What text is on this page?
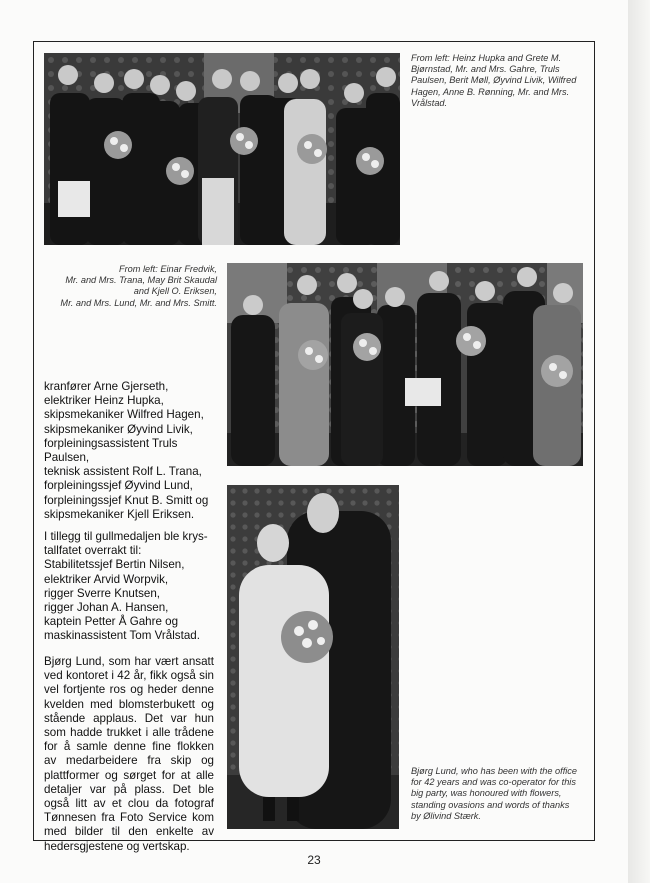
From left: Heinz Hupka and Grete M. Bjørnstad, Mr. and Mrs. Gahre, Truls Paulsen, Berit Møll, Øyvind Livik, Wilfred Hagen, Anne B. Rønning, Mr. and Mrs. Vrålstad.
From left: Einar Fredvik,
Mr. and Mrs. Trana, May Brit Skaudal
and Kjell O. Eriksen,
Mr. and Mrs. Lund, Mr. and Mrs. Smitt.
kranfører Arne Gjerseth,
elektriker Heinz Hupka,
skipsmekaniker Wilfred Hagen,
skipsmekaniker Øyvind Livik,
forpleiningsassistent Truls
Paulsen,
teknisk assistent Rolf L. Trana,
forpleiningssjef Øyvind Lund,
forpleiningssjef Knut B. Smitt og
skipsmekaniker Kjell Eriksen.
I tillegg til gullmedaljen ble krys-
tallfatet overrakt til:
Stabilitetssjef Bertin Nilsen,
elektriker Arvid Worpvik,
rigger Sverre Knutsen,
rigger Johan A. Hansen,
kaptein Petter Å Gahre og
maskinassistent Tom Vrålstad.
Bjørg Lund, som har vært ansatt ved kontoret i 42 år, fikk også sin vel fortjente ros og heder denne kvelden med blomsterbukett og stående applaus. Det var hun som hadde trukket i alle trådene for å samle denne fine flokken av medarbeidere fra skip og plattformer og sørget for at alle detaljer var på plass. Det ble også litt av et clou da fotograf Tønnesen fra Foto Service kom med bilder til den enkelte av hedersgjestene og vertskap.
Bjørg Lund, who has been with the office for 42 years and was co-operator for this big party, was honoured with flowers, standing ovasions and words of thanks by Ølivind Stærk.
23
